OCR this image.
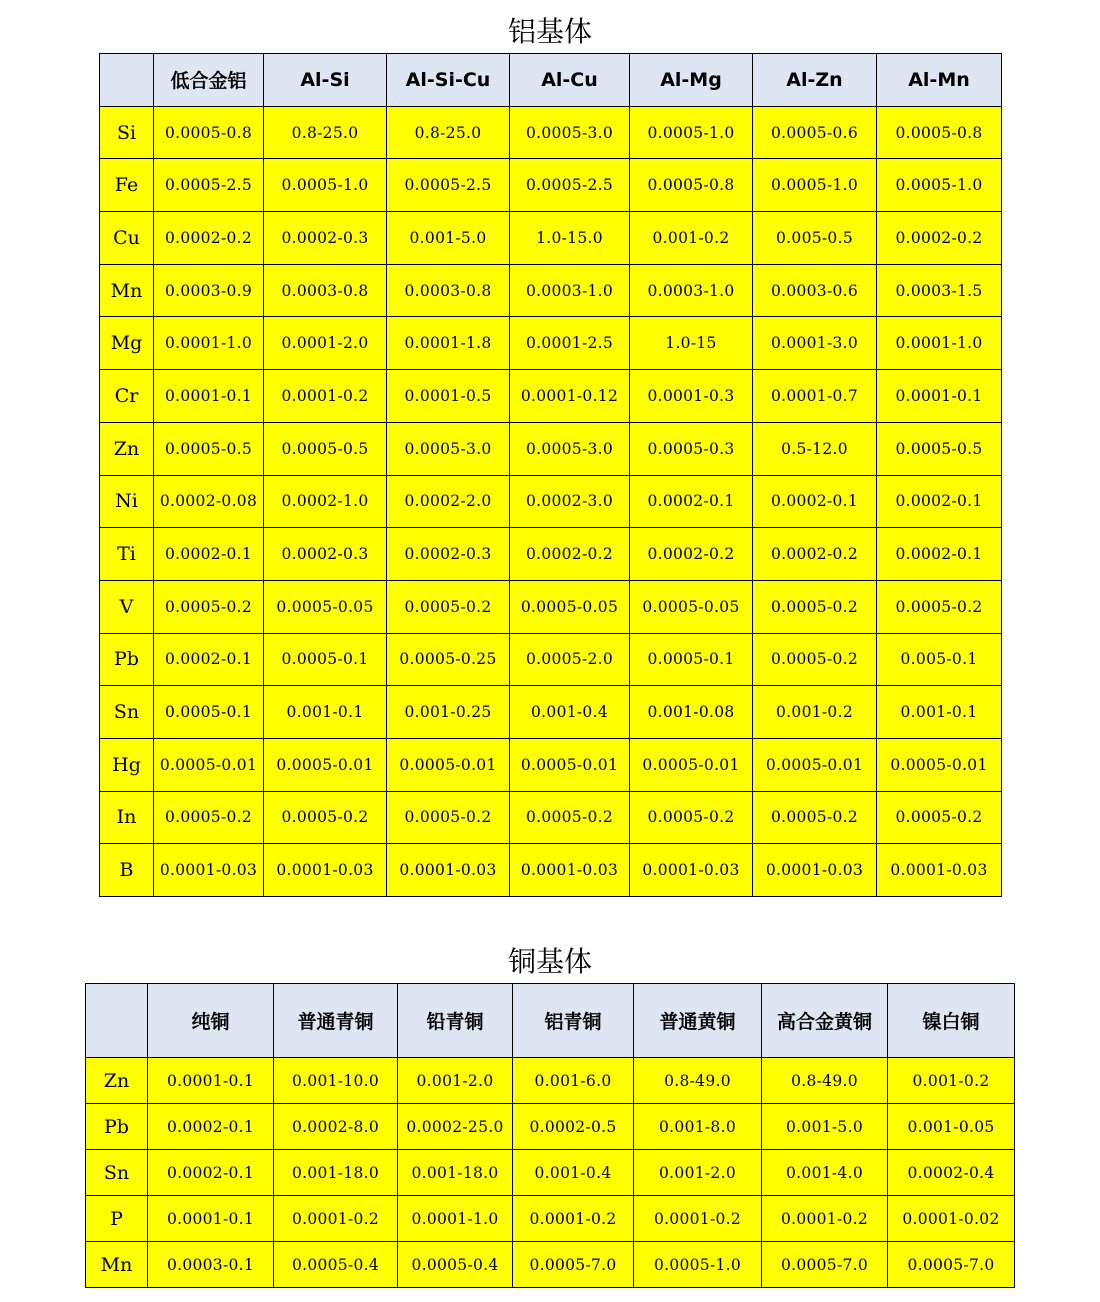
铝基体
	低合金铝	Al-Si	Al-Si-Cu	Al-Cu	Al-Mg	Al-Zn	Al-Mn
Si	0.0005-0.8	0.8-25.0	0.8-25.0	0.0005-3.0	0.0005-1.0	0.0005-0.6	0.0005-0.8
Fe	0.0005-2.5	0.0005-1.0	0.0005-2.5	0.0005-2.5	0.0005-0.8	0.0005-1.0	0.0005-1.0
Cu	0.0002-0.2	0.0002-0.3	0.001-5.0	1.0-15.0	0.001-0.2	0.005-0.5	0.0002-0.2
Mn	0.0003-0.9	0.0003-0.8	0.0003-0.8	0.0003-1.0	0.0003-1.0	0.0003-0.6	0.0003-1.5
Mg	0.0001-1.0	0.0001-2.0	0.0001-1.8	0.0001-2.5	1.0-15	0.0001-3.0	0.0001-1.0
Cr	0.0001-0.1	0.0001-0.2	0.0001-0.5	0.0001-0.12	0.0001-0.3	0.0001-0.7	0.0001-0.1
Zn	0.0005-0.5	0.0005-0.5	0.0005-3.0	0.0005-3.0	0.0005-0.3	0.5-12.0	0.0005-0.5
Ni	0.0002-0.08	0.0002-1.0	0.0002-2.0	0.0002-3.0	0.0002-0.1	0.0002-0.1	0.0002-0.1
Ti	0.0002-0.1	0.0002-0.3	0.0002-0.3	0.0002-0.2	0.0002-0.2	0.0002-0.2	0.0002-0.1
V	0.0005-0.2	0.0005-0.05	0.0005-0.2	0.0005-0.05	0.0005-0.05	0.0005-0.2	0.0005-0.2
Pb	0.0002-0.1	0.0005-0.1	0.0005-0.25	0.0005-2.0	0.0005-0.1	0.0005-0.2	0.005-0.1
Sn	0.0005-0.1	0.001-0.1	0.001-0.25	0.001-0.4	0.001-0.08	0.001-0.2	0.001-0.1
Hg	0.0005-0.01	0.0005-0.01	0.0005-0.01	0.0005-0.01	0.0005-0.01	0.0005-0.01	0.0005-0.01
In	0.0005-0.2	0.0005-0.2	0.0005-0.2	0.0005-0.2	0.0005-0.2	0.0005-0.2	0.0005-0.2
B	0.0001-0.03	0.0001-0.03	0.0001-0.03	0.0001-0.03	0.0001-0.03	0.0001-0.03	0.0001-0.03
铜基体
	纯铜	普通青铜	铅青铜	铝青铜	普通黄铜	高合金黄铜	镍白铜
Zn	0.0001-0.1	0.001-10.0	0.001-2.0	0.001-6.0	0.8-49.0	0.8-49.0	0.001-0.2
Pb	0.0002-0.1	0.0002-8.0	0.0002-25.0	0.0002-0.5	0.001-8.0	0.001-5.0	0.001-0.05
Sn	0.0002-0.1	0.001-18.0	0.001-18.0	0.001-0.4	0.001-2.0	0.001-4.0	0.0002-0.4
P	0.0001-0.1	0.0001-0.2	0.0001-1.0	0.0001-0.2	0.0001-0.2	0.0001-0.2	0.0001-0.02
Mn	0.0003-0.1	0.0005-0.4	0.0005-0.4	0.0005-7.0	0.0005-1.0	0.0005-7.0	0.0005-7.0
